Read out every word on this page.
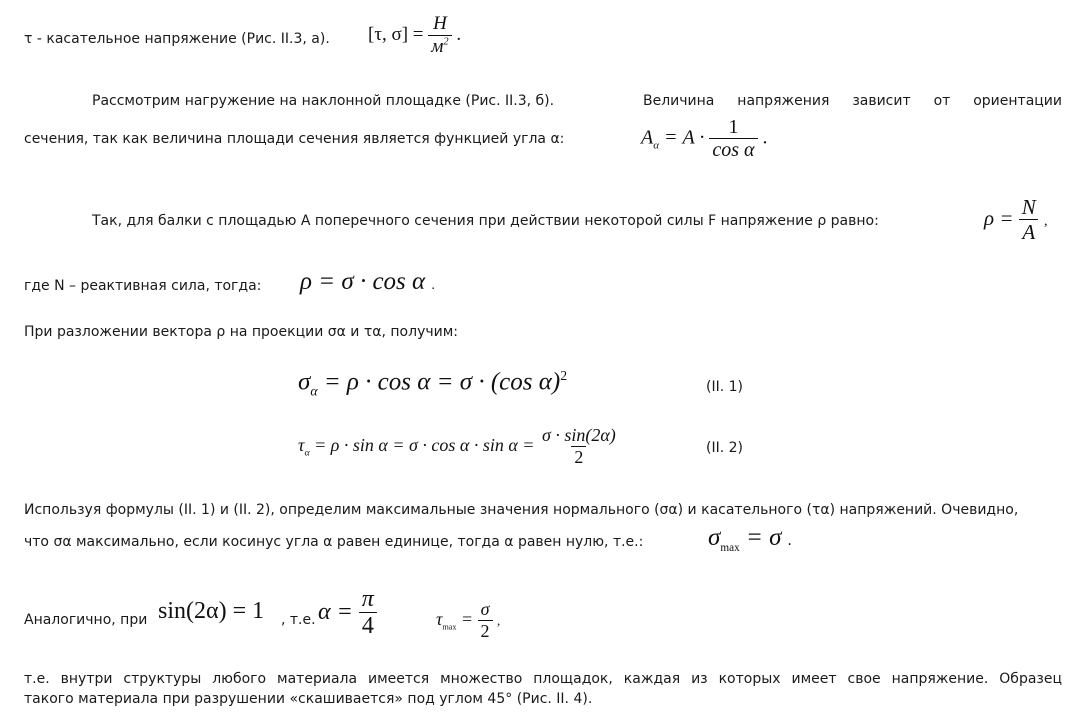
τ - касательное напряжение (Рис. II.3, а). [τ, $\sigma] = \frac{Н}{м^2}$ .
Рассмотрим нагружение на наклонной площадке (Рис. II.3, б).	Величина напряжения зависит от ориентации
сечения, так как величина площади сечения является функцией угла α:	$A_\alpha = A \cdot \frac{1}{\text{cos α}}$ .
Так, для балки с площадью A поперечного сечения при действии некоторой силы F напряжение ρ равно:	$\rho = \frac{N}{A}$ ,
где N – реактивная сила, тогда: ρ = σ · cos α .
При разложении вектора ρ на проекции σα и τα, получим:
$\sigma_\alpha = \rho \cdot \cos \alpha = \sigma \cdot (\cos$ α)$^2$
(II. 1)
$\tau_\alpha = \rho \cdot \sin \alpha = \sigma \cdot \cos \alpha \cdot \sin \alpha = \frac{\sigma \cdot \sin(2\alpha)}{2}$	(II. 2)
Используя формулы (II. 1) и (II. 2), определим максимальные значения нормального (σα) и касательного (τα) напряжений. Очевидно,
что σα максимально, если косинус угла α равен единице, тогда α равен нулю, т.е.:	$\sigma_{max} = \sigma$ .
Аналогично, при sin(2α) = 1 , т.е. $\alpha = \frac{\pi}{4}$	$\tau_{max} = \frac{\sigma}{2}$ ,
т.е. внутри структуры любого материала имеется множество площадок, каждая из которых имеет свое напряжение. Образец
такого материала при разрушении «скашивается» под углом 45° (Рис. II. 4).
